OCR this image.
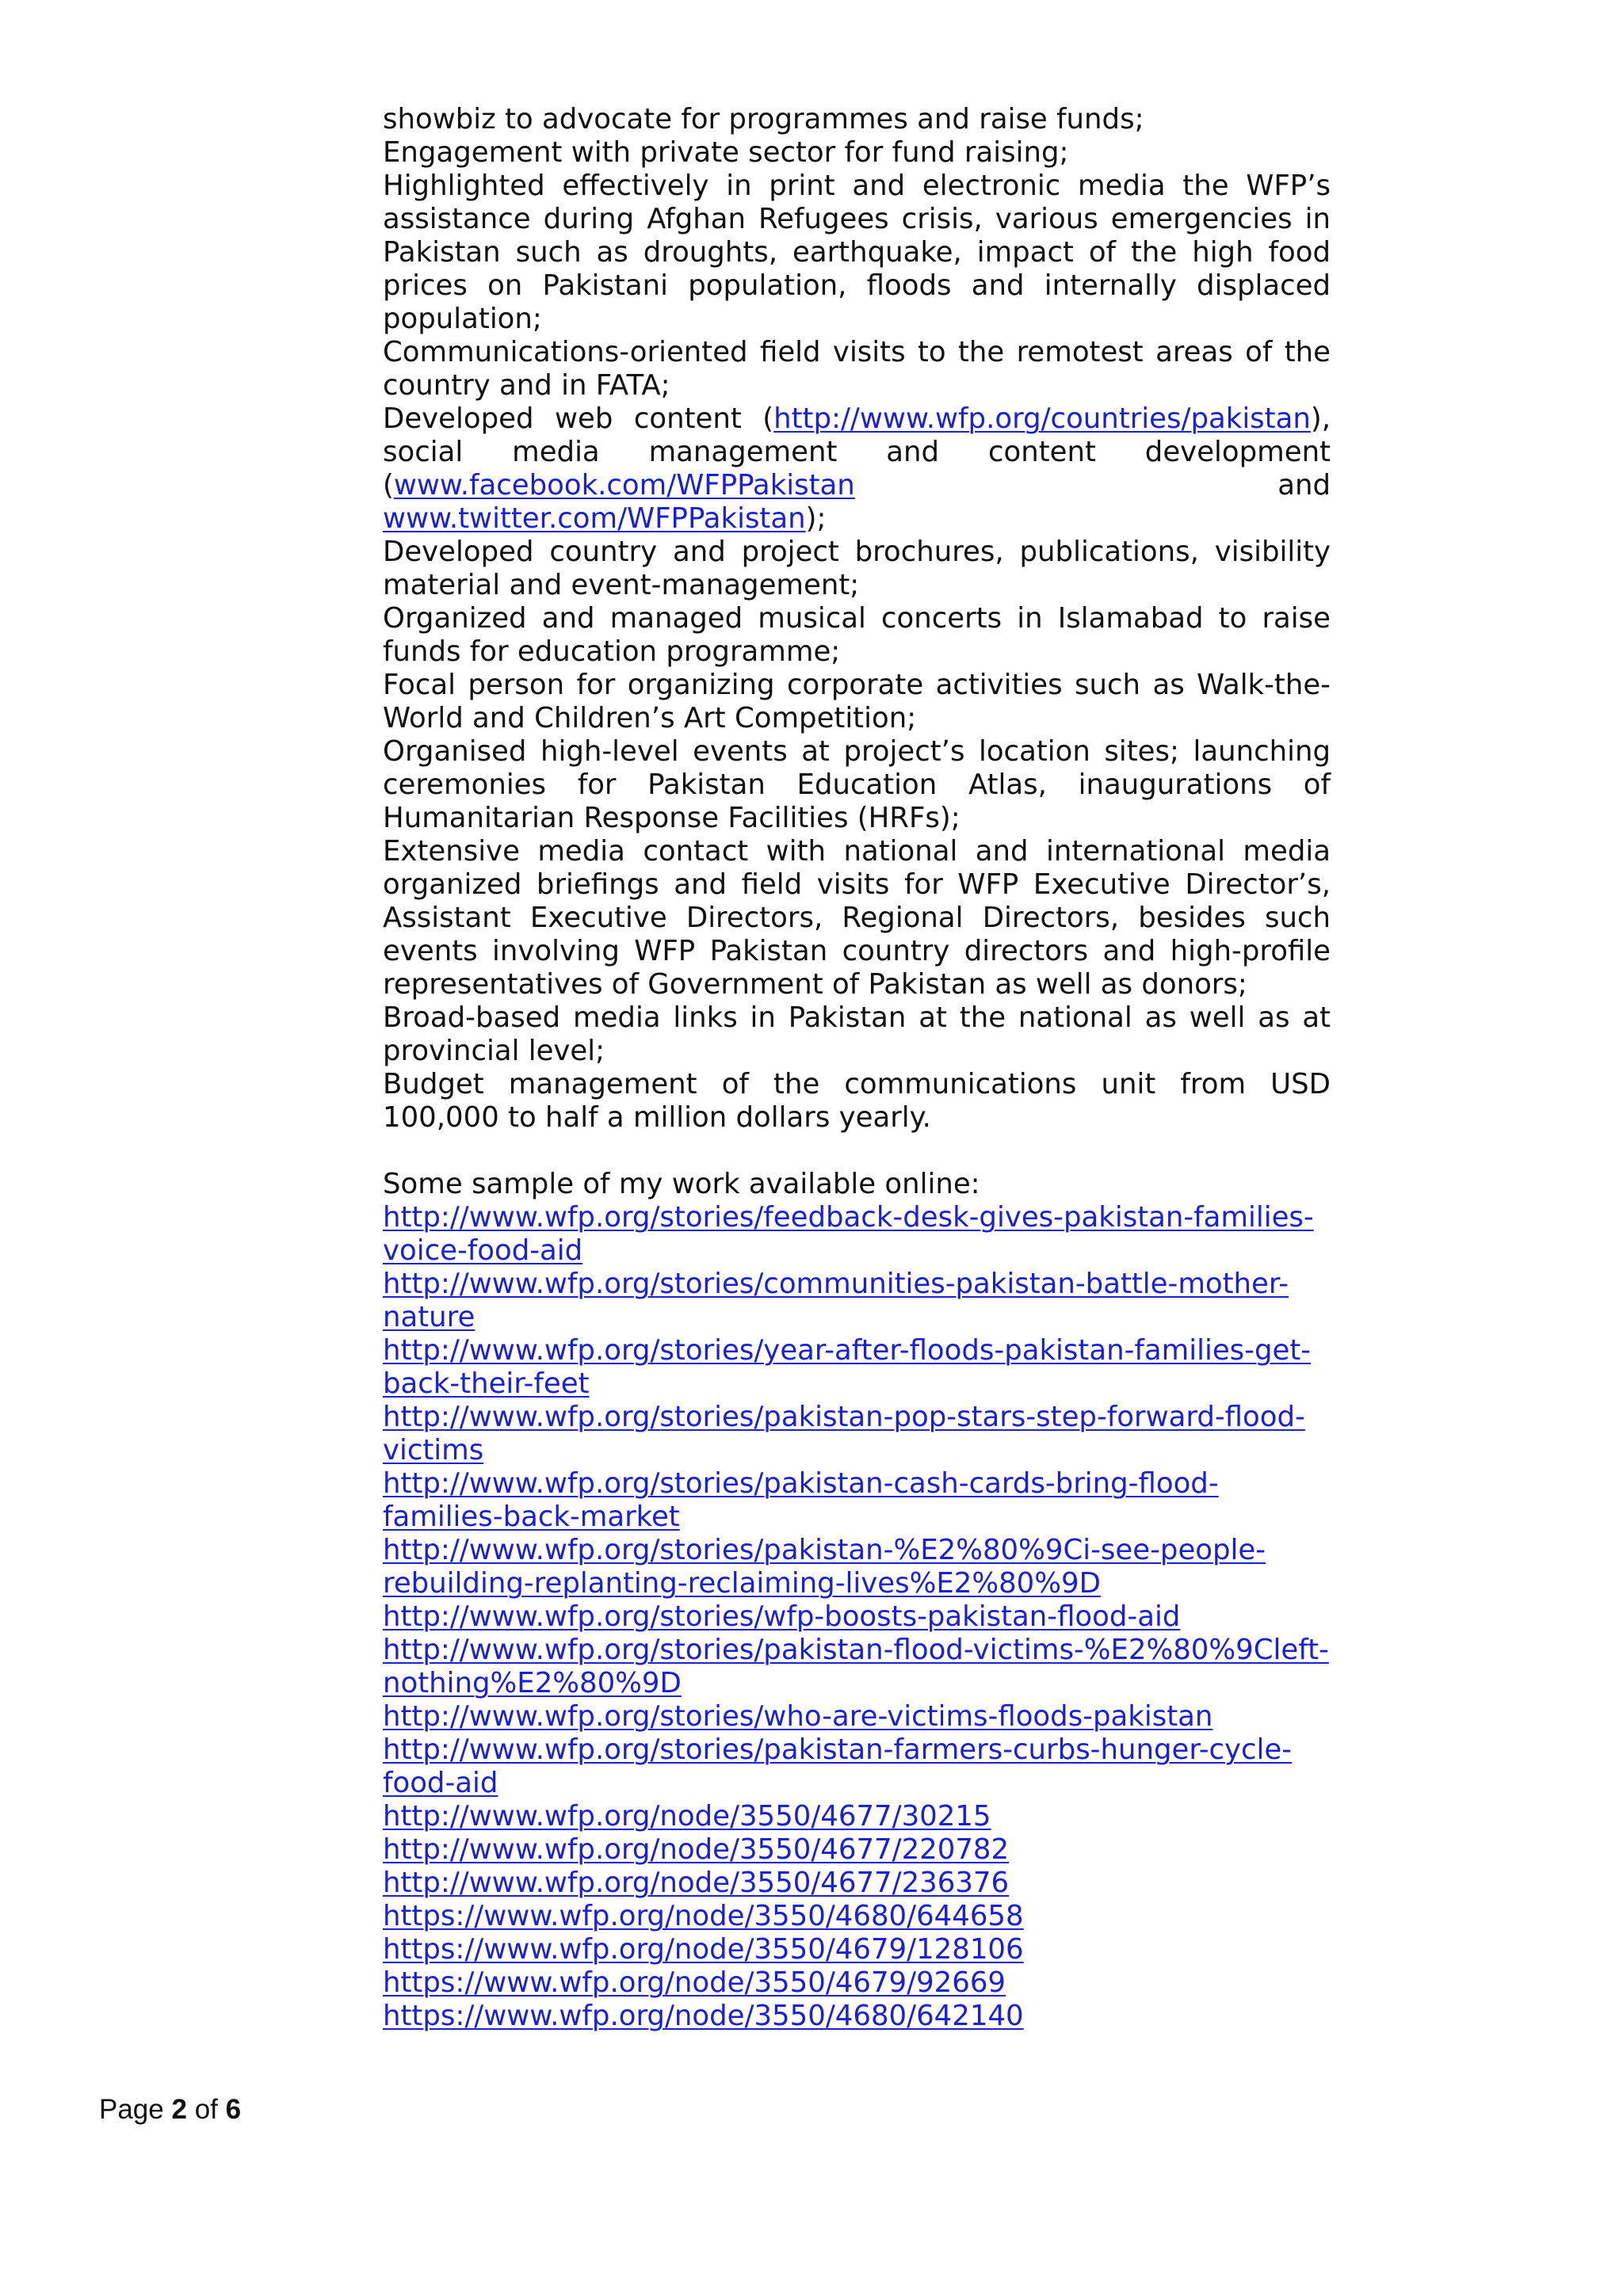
showbiz to advocate for programmes and raise funds;

Engagement with private sector for fund raising;

Highlighted effectively in print and electronic media the WFP’s assistance during Afghan Refugees crisis, various emergencies in Pakistan such as droughts, earthquake, impact of the high food prices on Pakistani population, floods and internally displaced population;

Communications-oriented field visits to the remotest areas of the country and in FATA;

Developed web content (http://www.wfp.org/countries/pakistan), social media management and content development (www.facebook.com/WFPPakistan and www.twitter.com/WFPPakistan);

Developed country and project brochures, publications, visibility material and event-management;

Organized and managed musical concerts in Islamabad to raise funds for education programme;

Focal person for organizing corporate activities such as Walk-the-World and Children’s Art Competition;

Organised high-level events at project’s location sites; launching ceremonies for Pakistan Education Atlas, inaugurations of Humanitarian Response Facilities (HRFs);

Extensive media contact with national and international media organized briefings and field visits for WFP Executive Director’s, Assistant Executive Directors, Regional Directors, besides such events involving WFP Pakistan country directors and high-profile representatives of Government of Pakistan as well as donors;

Broad-based media links in Pakistan at the national as well as at provincial level;

Budget management of the communications unit from USD 100,000 to half a million dollars yearly.

Some sample of my work available online:

http://www.wfp.org/stories/feedback-desk-gives-pakistan-families-voice-food-aid
http://www.wfp.org/stories/communities-pakistan-battle-mother-nature
http://www.wfp.org/stories/year-after-floods-pakistan-families-get-back-their-feet
http://www.wfp.org/stories/pakistan-pop-stars-step-forward-flood-victims
http://www.wfp.org/stories/pakistan-cash-cards-bring-flood-families-back-market
http://www.wfp.org/stories/pakistan-%E2%80%9Ci-see-people-rebuilding-replanting-reclaiming-lives%E2%80%9D
http://www.wfp.org/stories/wfp-boosts-pakistan-flood-aid
http://www.wfp.org/stories/pakistan-flood-victims-%E2%80%9Cleft-nothing%E2%80%9D
http://www.wfp.org/stories/who-are-victims-floods-pakistan
http://www.wfp.org/stories/pakistan-farmers-curbs-hunger-cycle-food-aid
http://www.wfp.org/node/3550/4677/30215
http://www.wfp.org/node/3550/4677/220782
http://www.wfp.org/node/3550/4677/236376
https://www.wfp.org/node/3550/4680/644658
https://www.wfp.org/node/3550/4679/128106
https://www.wfp.org/node/3550/4679/92669
https://www.wfp.org/node/3550/4680/642140
Page 2 of 6
